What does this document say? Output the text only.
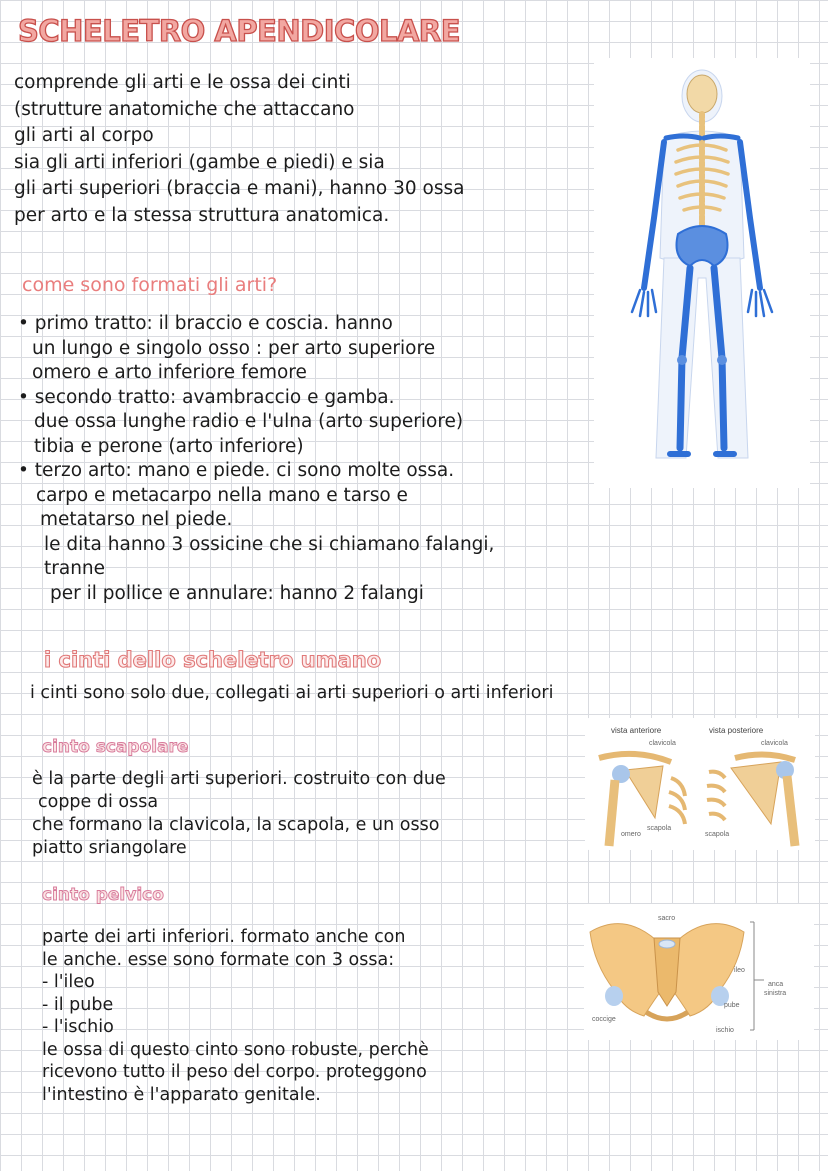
SCHELETRO APENDICOLARE
comprende gli arti e le ossa dei cinti
(strutture anatomiche che attaccano
gli arti al corpo
sia gli arti inferiori (gambe e piedi) e sia
gli arti superiori (braccia e mani), hanno 30 ossa
per arto e la stessa struttura anatomica.
come sono formati gli arti?
• primo tratto: il braccio e coscia. hanno
un lungo e singolo osso : per arto superiore
omero e arto inferiore femore
• secondo tratto: avambraccio e gamba.
due ossa lunghe radio e l'ulna (arto superiore)
tibia e perone (arto inferiore)
• terzo arto: mano e piede. ci sono molte ossa.
carpo e metacarpo nella mano e tarso e
metatarso nel piede.
le dita hanno 3 ossicine che si chiamano falangi,
tranne
per il pollice e annulare: hanno 2 falangi
i cinti dello scheletro umano
i cinti sono solo due, collegati ai arti superiori o arti inferiori
cinto scapolare
è la parte degli arti superiori. costruito con due
coppe di ossa
che formano la clavicola, la scapola, e un osso
piatto sriangolare
vista anteriore	vista posteriore
clavicola	clavicola
scapola
omero	scapola
cinto pelvico
parte dei arti inferiori. formato anche con
le anche. esse sono formate con 3 ossa:
- l'ileo
- il pube
- l'ischio
le ossa di questo cinto sono robuste, perchè
ricevono tutto il peso del corpo. proteggono
l'intestino è l'apparato genitale.
sacro
ileo
anca
sinistra
pube
coccige
ischio
